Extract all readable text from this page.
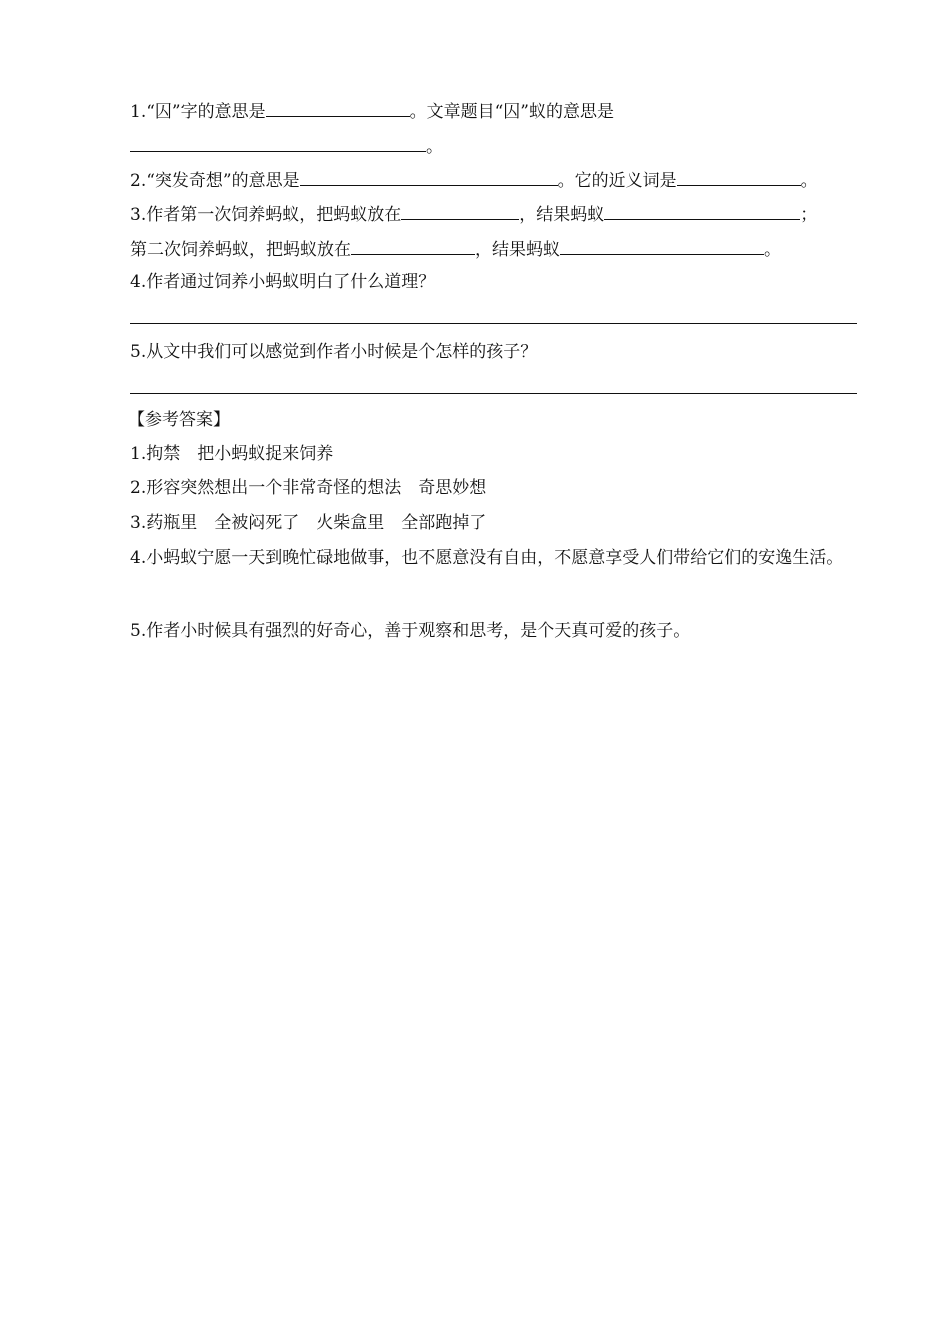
1.“囚”字的意思是	。文章题目“囚”蚁的意思是
。
2.“突发奇想”的意思是	。它的近义词是	。
3.作者第一次饲养蚂蚁，把蚂蚁放在	，结果蚂蚁	；
第二次饲养蚂蚁，把蚂蚁放在	，结果蚂蚁	。
4.作者通过饲养小蚂蚁明白了什么道理？
5.从文中我们可以感觉到作者小时候是个怎样的孩子？
【参考答案】
1.拘禁　把小蚂蚁捉来饲养
2.形容突然想出一个非常奇怪的想法　奇思妙想
3.药瓶里　全被闷死了　火柴盒里　全部跑掉了
4.小蚂蚁宁愿一天到晚忙碌地做事，也不愿意没有自由，不愿意享受人们带给它们的安逸生活。
5.作者小时候具有强烈的好奇心，善于观察和思考，是个天真可爱的孩子。
